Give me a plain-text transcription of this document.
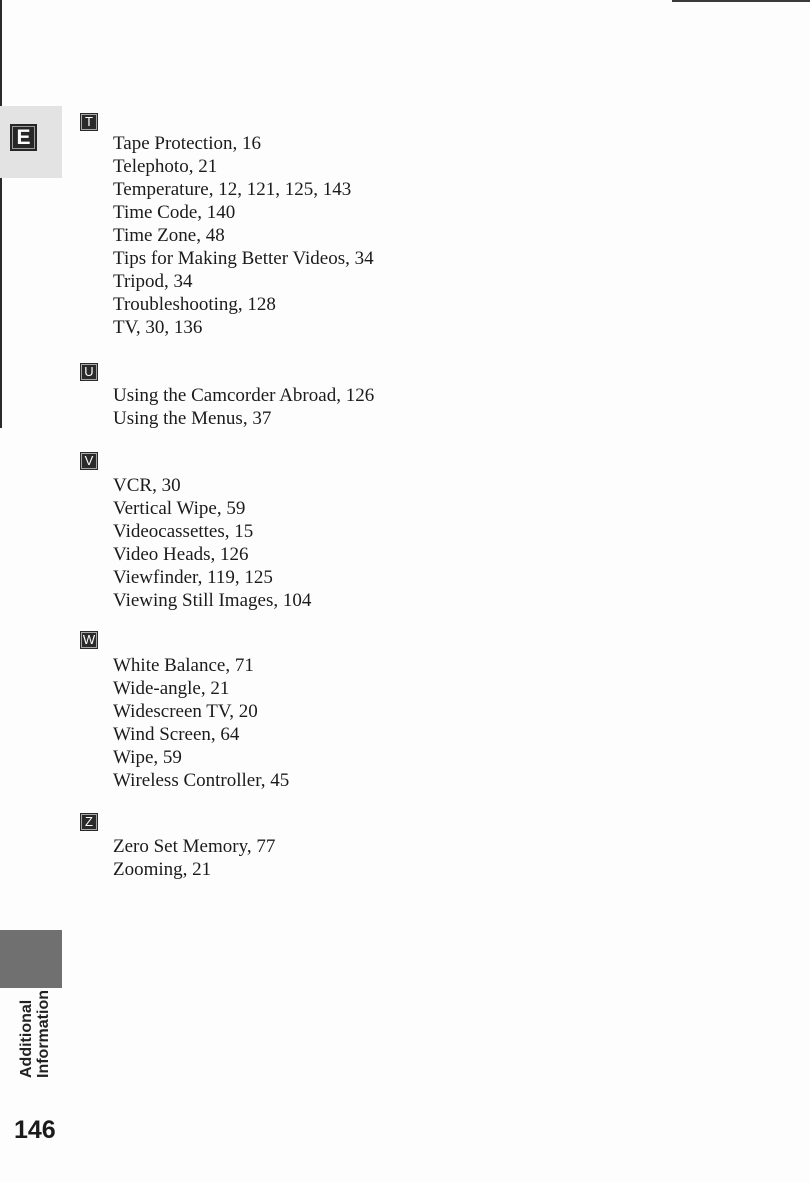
E
T
Tape Protection, 16
Telephoto, 21
Temperature, 12, 121, 125, 143
Time Code, 140
Time Zone, 48
Tips for Making Better Videos, 34
Tripod, 34
Troubleshooting, 128
TV, 30, 136
U
Using the Camcorder Abroad, 126
Using the Menus, 37
V
VCR, 30
Vertical Wipe, 59
Videocassettes, 15
Video Heads, 126
Viewfinder, 119, 125
Viewing Still Images, 104
W
White Balance, 71
Wide-angle, 21
Widescreen TV, 20
Wind Screen, 64
Wipe, 59
Wireless Controller, 45
Z
Zero Set Memory, 77
Zooming, 21
Additional Information
146
